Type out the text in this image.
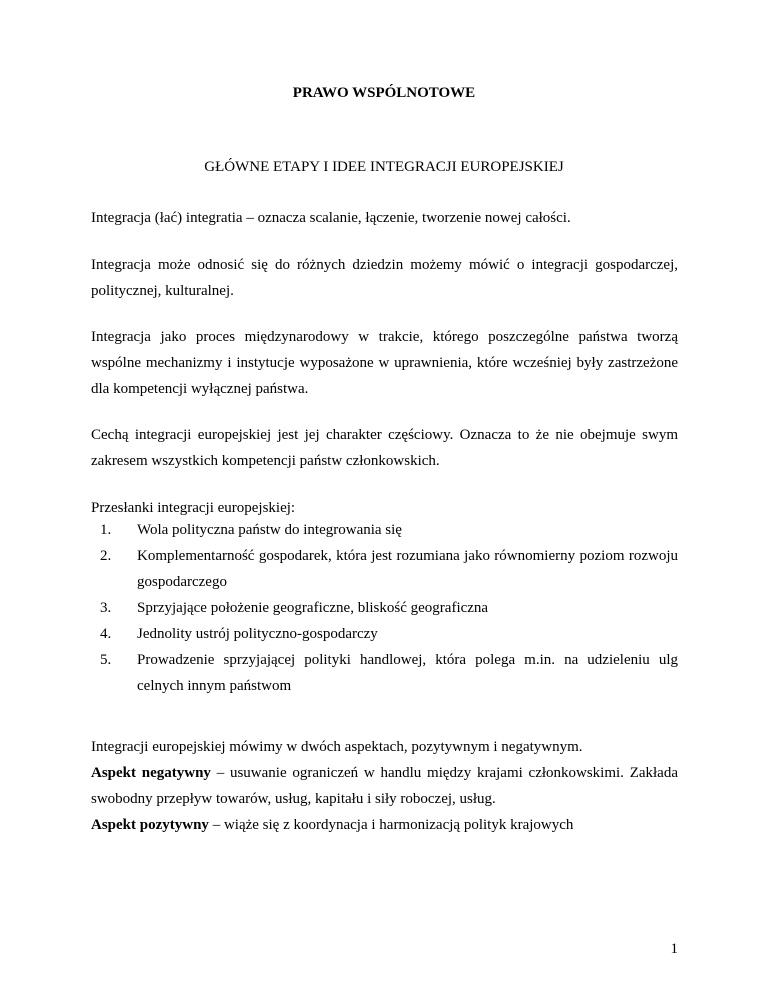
PRAWO WSPÓLNOTOWE

GŁÓWNE ETAPY I IDEE INTEGRACJI EUROPEJSKIEJ

Integracja (łać) integratia – oznacza scalanie, łączenie, tworzenie nowej całości.

Integracja może odnosić się do różnych dziedzin możemy mówić o integracji gospodarczej, politycznej, kulturalnej.

Integracja jako proces międzynarodowy w trakcie, którego poszczególne państwa tworzą wspólne mechanizmy i instytucje wyposażone w uprawnienia, które wcześniej były zastrzeżone dla kompetencji wyłącznej państwa.

Cechą integracji europejskiej jest jej charakter częściowy. Oznacza to że nie obejmuje swym zakresem wszystkich kompetencji państw członkowskich.

Przesłanki integracji europejskiej:

1. Wola polityczna państw do integrowania się
2. Komplementarność gospodarek, która jest rozumiana jako równomierny poziom rozwoju gospodarczego
3. Sprzyjające położenie geograficzne, bliskość geograficzna
4. Jednolity ustrój polityczno-gospodarczy
5. Prowadzenie sprzyjającej polityki handlowej, która polega m.in. na udzieleniu ulg celnych innym państwom

Integracji europejskiej mówimy w dwóch aspektach, pozytywnym i negatywnym.

Aspekt negatywny – usuwanie ograniczeń w handlu między krajami członkowskimi. Zakłada swobodny przepływ towarów, usług, kapitału i siły roboczej, usług.

Aspekt pozytywny – wiąże się z koordynacja i harmonizacją polityk krajowych

1
